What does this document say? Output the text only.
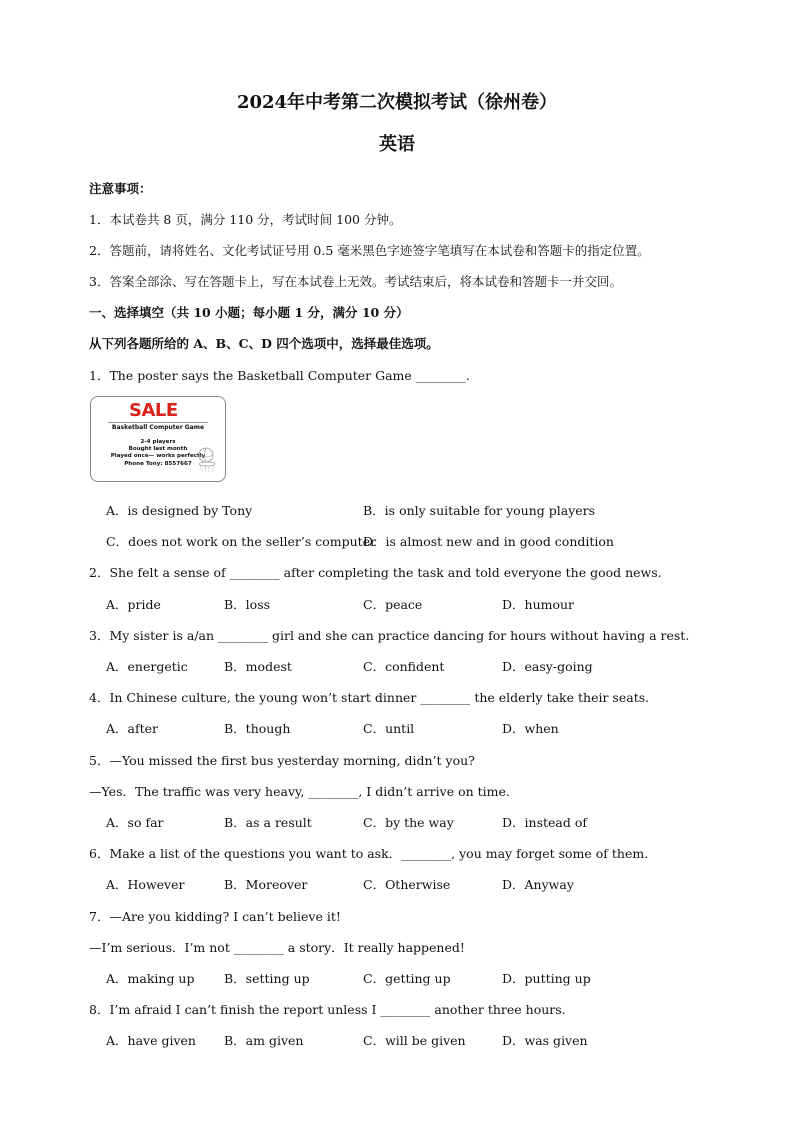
2024年中考第二次模拟考试（徐州卷）
英语
注意事项：
1．本试卷共 8 页，满分 110 分，考试时间 100 分钟。
2．答题前，请将姓名、文化考试证号用 0.5 毫米黑色字迹签字笔填写在本试卷和答题卡的指定位置。
3．答案全部涂、写在答题卡上，写在本试卷上无效。考试结束后，将本试卷和答题卡一并交回。
一、选择填空（共 10 小题；每小题 1 分，满分 10 分）
从下列各题所给的 A、B、C、D 四个选项中，选择最佳选项。
1．The poster says the Basketball Computer Game ________.
SALE
Basketball Computer Game
2-4 players
Bought last month
Played once— works perfectly
Phone Tony: 8557667
A．is designed by Tony	B．is only suitable for young players
C．does not work on the seller’s computer
D．is almost new and in good condition
2．She felt a sense of ________ after completing the task and told everyone the good news.
A．pride	B．loss	C．peace	D．humour
3．My sister is a/an ________ girl and she can practice dancing for hours without having a rest.
A．energetic	B．modest	C．confident	D．easy-going
4．In Chinese culture, the young won’t start dinner ________ the elderly take their seats.
A．after	B．though	C．until	D．when
5．—You missed the first bus yesterday morning, didn’t you?
—Yes．The traffic was very heavy, ________, I didn’t arrive on time.
A．so far	B．as a result	C．by the way	D．instead of
6．Make a list of the questions you want to ask．________, you may forget some of them.
A．However	B．Moreover	C．Otherwise	D．Anyway
7．—Are you kidding? I can’t believe it!
—I’m serious．I’m not ________ a story．It really happened!
A．making up B．setting up	C．getting up	D．putting up
8．I’m afraid I can’t finish the report unless I ________ another three hours.
A．have given B．am given	C．will be given	D．was given
